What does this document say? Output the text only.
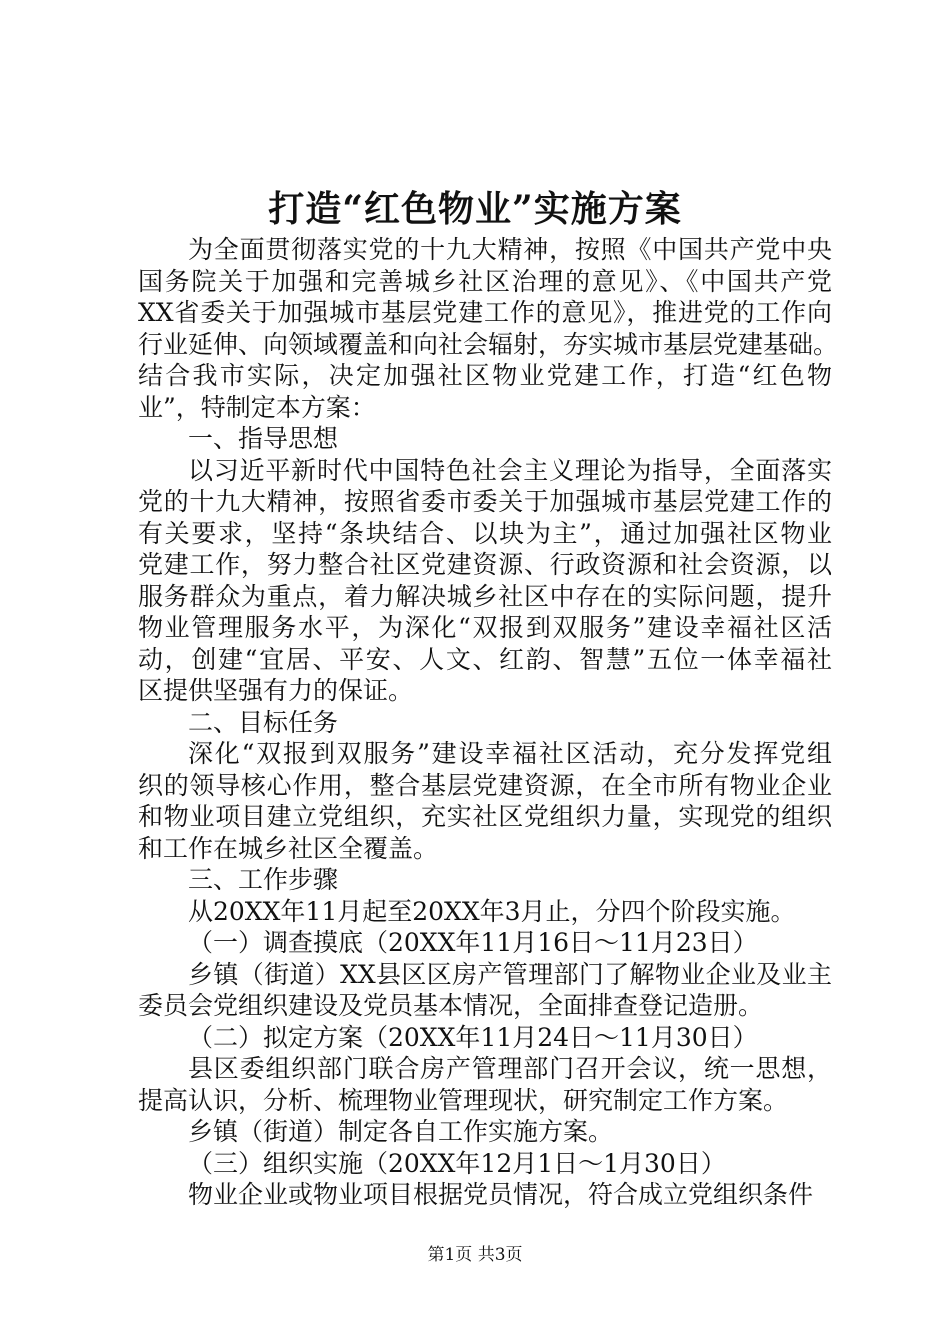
打造“红色物业”实施方案
为全面贯彻落实党的十九大精神，按照《中国共产党中央
国务院关于加强和完善城乡社区治理的意见》、《中国共产党
XX省委关于加强城市基层党建工作的意见》，推进党的工作向
行业延伸、向领域覆盖和向社会辐射，夯实城市基层党建基础。
结合我市实际，决定加强社区物业党建工作，打造“红色物
业”，特制定本方案：
一、指导思想
以习近平新时代中国特色社会主义理论为指导，全面落实
党的十九大精神，按照省委市委关于加强城市基层党建工作的
有关要求，坚持“条块结合、以块为主”，通过加强社区物业
党建工作，努力整合社区党建资源、行政资源和社会资源，以
服务群众为重点，着力解决城乡社区中存在的实际问题，提升
物业管理服务水平，为深化“双报到双服务”建设幸福社区活
动，创建“宜居、平安、人文、红韵、智慧”五位一体幸福社
区提供坚强有力的保证。
二、目标任务
深化“双报到双服务”建设幸福社区活动，充分发挥党组
织的领导核心作用，整合基层党建资源，在全市所有物业企业
和物业项目建立党组织，充实社区党组织力量，实现党的组织
和工作在城乡社区全覆盖。
三、工作步骤
从20XX年11月起至20XX年3月止，分四个阶段实施。
（一）调查摸底（20XX年11月16日～11月23日）
乡镇（街道）XX县区区房产管理部门了解物业企业及业主
委员会党组织建设及党员基本情况，全面排查登记造册。
（二）拟定方案（20XX年11月24日～11月30日）
县区委组织部门联合房产管理部门召开会议，统一思想，
提高认识，分析、梳理物业管理现状，研究制定工作方案。
乡镇（街道）制定各自工作实施方案。
（三）组织实施（20XX年12月1日～1月30日）
物业企业或物业项目根据党员情况，符合成立党组织条件
第1页 共3页
